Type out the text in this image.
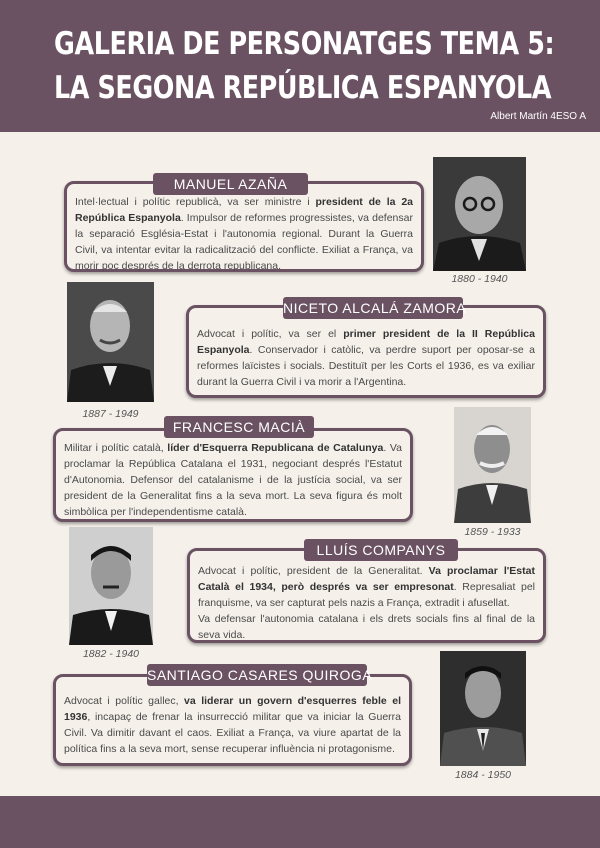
GALERIA DE PERSONATGES TEMA 5:
LA SEGONA REPÚBLICA ESPANYOLA
Albert Martín 4ESO A

Intel·lectual i polític republicà, va ser ministre i president de la 2a República Espanyola. Impulsor de reformes progressistes, va defensar la separació Església-Estat i l'autonomia regional. Durant la Guerra Civil, va intentar evitar la radicalització del conflicte. Exiliat a França, va morir poc després de la derrota republicana.

MANUEL AZAÑA
1880 - 1940
1887 - 1949

Advocat i polític, va ser el primer president de la II República Espanyola. Conservador i catòlic, va perdre suport per oposar-se a reformes laïcistes i socials. Destituït per les Corts el 1936, es va exiliar durant la Guerra Civil i va morir a l'Argentina.

NICETO ALCALÁ ZAMORA

Militar i polític català, líder d'Esquerra Republicana de Catalunya. Va proclamar la República Catalana el 1931, negociant després l'Estatut d'Autonomia. Defensor del catalanisme i de la justícia social, va ser president de la Generalitat fins a la seva mort. La seva figura és molt simbòlica per l'independentisme català.

FRANCESC MACIÀ
1859 - 1933
1882 - 1940

Advocat i polític, president de la Generalitat. Va proclamar l'Estat Català el 1934, però després va ser empresonat. Represaliat pel franquisme, va ser capturat pels nazis a França, extradit i afusellat.
Va defensar l'autonomia catalana i els drets socials fins al final de la seva vida.

LLUÍS COMPANYS

Advocat i polític gallec, va liderar un govern d'esquerres feble el 1936, incapaç de frenar la insurrecció militar que va iniciar la Guerra Civil. Va dimitir davant el caos. Exiliat a França, va viure apartat de la política fins a la seva mort, sense recuperar influència ni protagonisme.

SANTIAGO CASARES QUIROGA
1884 - 1950
